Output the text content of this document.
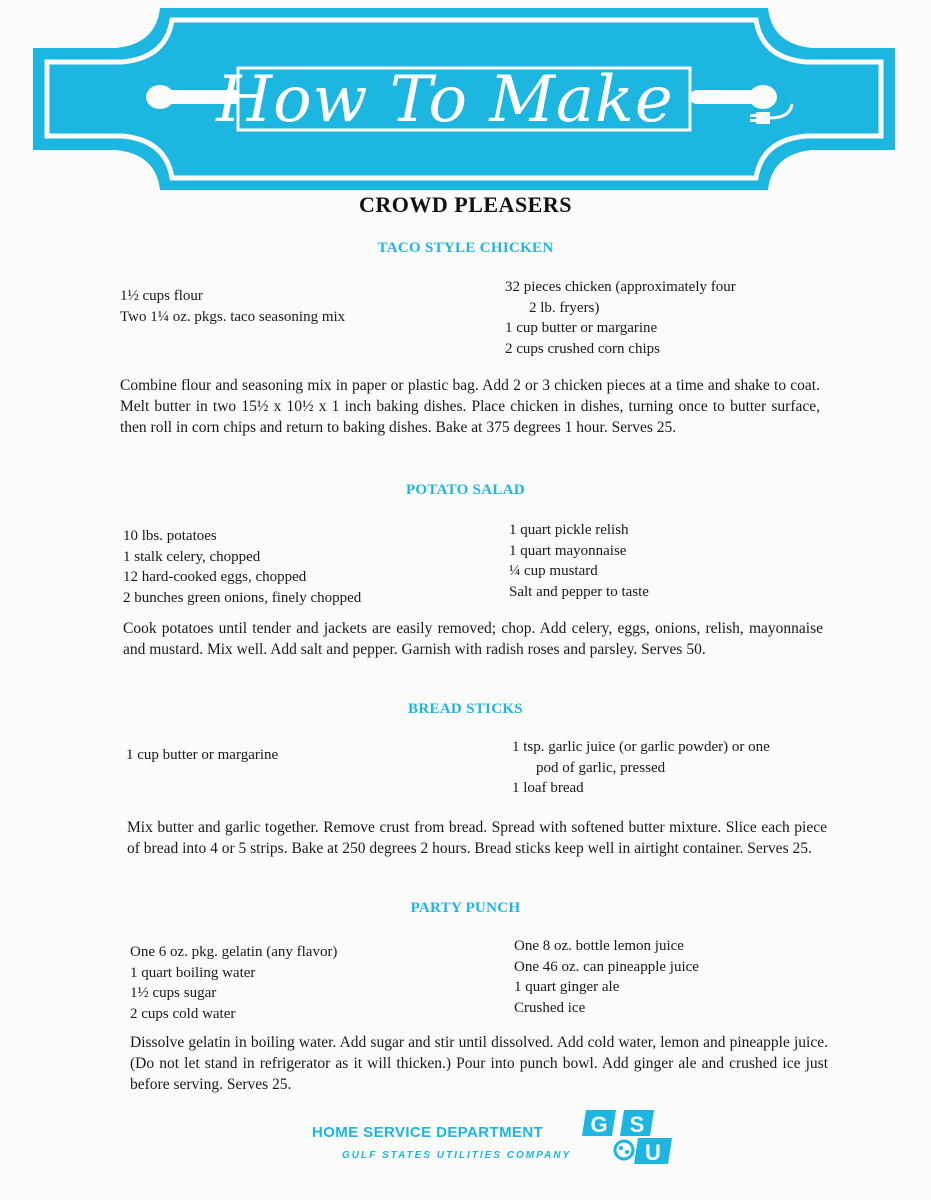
How To Make
CROWD PLEASERS
TACO STYLE CHICKEN
1½ cups flour
Two 1¼ oz. pkgs. taco seasoning mix
32 pieces chicken (approximately four
2 lb. fryers)
1 cup butter or margarine
2 cups crushed corn chips

Combine flour and seasoning mix in paper or plastic bag. Add 2 or 3 chicken pieces at a time and shake to coat. Melt butter in two 15½ x 10½ x 1 inch baking dishes. Place chicken in dishes, turning once to butter surface, then roll in corn chips and return to baking dishes. Bake at 375 degrees 1 hour. Serves 25.

POTATO SALAD
10 lbs. potatoes
1 stalk celery, chopped
12 hard-cooked eggs, chopped
2 bunches green onions, finely chopped
1 quart pickle relish
1 quart mayonnaise
¼ cup mustard
Salt and pepper to taste

Cook potatoes until tender and jackets are easily removed; chop. Add celery, eggs, onions, relish, mayonnaise and mustard. Mix well. Add salt and pepper. Garnish with radish roses and parsley. Serves 50.

BREAD STICKS
1 cup butter or margarine	1 tsp. garlic juice (or garlic powder) or one
pod of garlic, pressed
1 loaf bread

Mix butter and garlic together. Remove crust from bread. Spread with softened butter mixture. Slice each piece of bread into 4 or 5 strips. Bake at 250 degrees 2 hours. Bread sticks keep well in airtight container. Serves 25.

PARTY PUNCH
One 6 oz. pkg. gelatin (any flavor)
1 quart boiling water
1½ cups sugar
2 cups cold water
One 8 oz. bottle lemon juice
One 46 oz. can pineapple juice
1 quart ginger ale
Crushed ice

Dissolve gelatin in boiling water. Add sugar and stir until dissolved. Add cold water, lemon and pineapple juice. (Do not let stand in refrigerator as it will thicken.) Pour into punch bowl. Add ginger ale and crushed ice just before serving. Serves 25.

HOME SERVICE DEPARTMENT
GULF STATES UTILITIES COMPANY
G S
U
